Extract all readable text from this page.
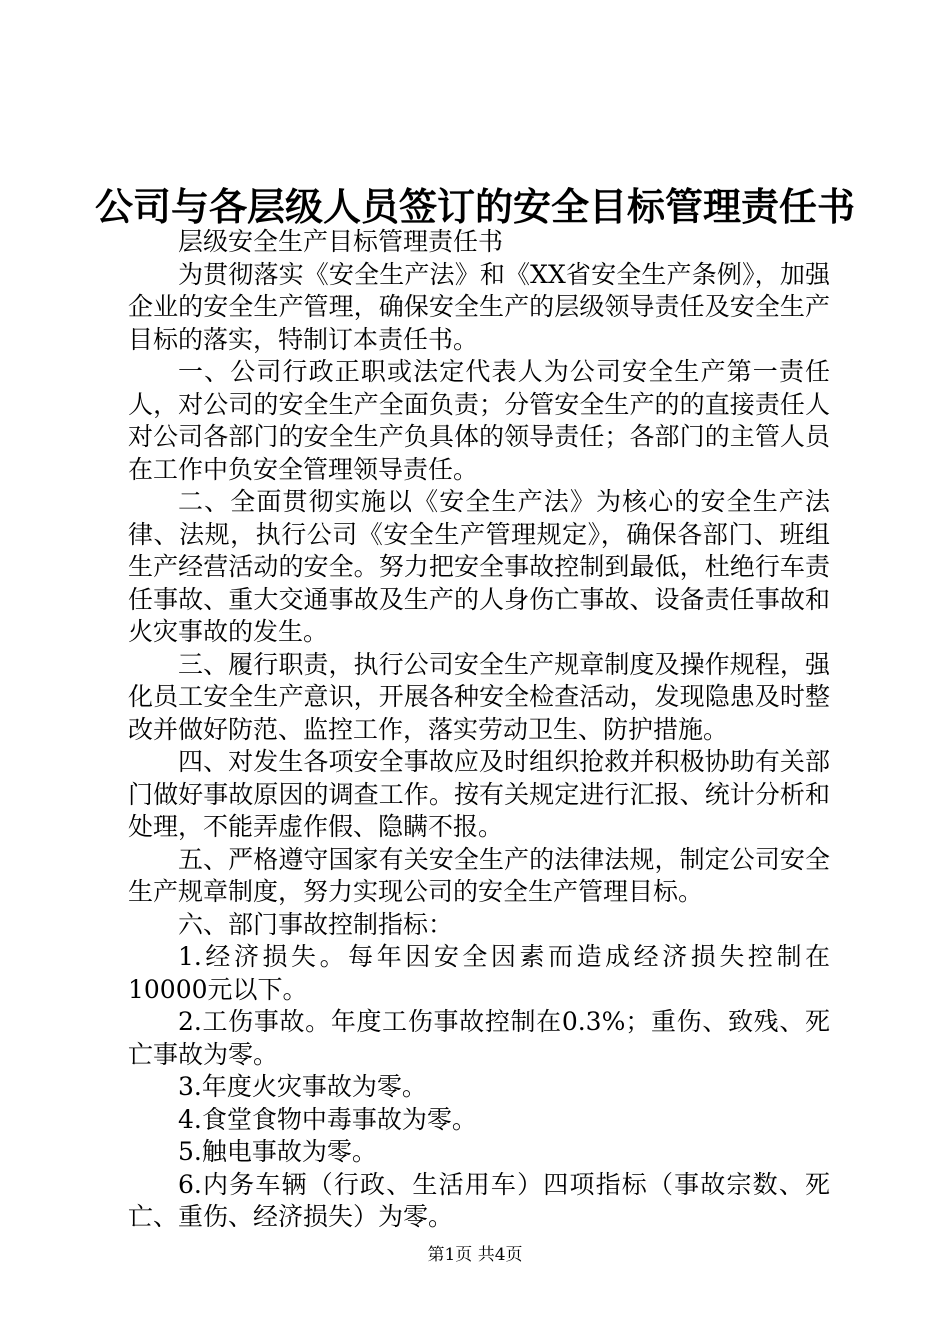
公司与各层级人员签订的安全目标管理责任书

层级安全生产目标管理责任书

为贯彻落实《安全生产法》和《XX省安全生产条例》，加强企业的安全生产管理，确保安全生产的层级领导责任及安全生产目标的落实，特制订本责任书。

一、公司行政正职或法定代表人为公司安全生产第一责任人，对公司的安全生产全面负责；分管安全生产的的直接责任人对公司各部门的安全生产负具体的领导责任；各部门的主管人员在工作中负安全管理领导责任。

二、全面贯彻实施以《安全生产法》为核心的安全生产法律、法规，执行公司《安全生产管理规定》，确保各部门、班组生产经营活动的安全。努力把安全事故控制到最低，杜绝行车责任事故、重大交通事故及生产的人身伤亡事故、设备责任事故和火灾事故的发生。

三、履行职责，执行公司安全生产规章制度及操作规程，强化员工安全生产意识，开展各种安全检查活动，发现隐患及时整改并做好防范、监控工作，落实劳动卫生、防护措施。

四、对发生各项安全事故应及时组织抢救并积极协助有关部门做好事故原因的调查工作。按有关规定进行汇报、统计分析和处理，不能弄虚作假、隐瞒不报。

五、严格遵守国家有关安全生产的法律法规，制定公司安全生产规章制度，努力实现公司的安全生产管理目标。

六、部门事故控制指标：

1.经济损失。每年因安全因素而造成经济损失控制在10000元以下。

2.工伤事故。年度工伤事故控制在0.3%；重伤、致残、死亡事故为零。

3.年度火灾事故为零。

4.食堂食物中毒事故为零。

5.触电事故为零。

6.内务车辆（行政、生活用车）四项指标（事故宗数、死亡、重伤、经济损失）为零。

第1页 共4页
